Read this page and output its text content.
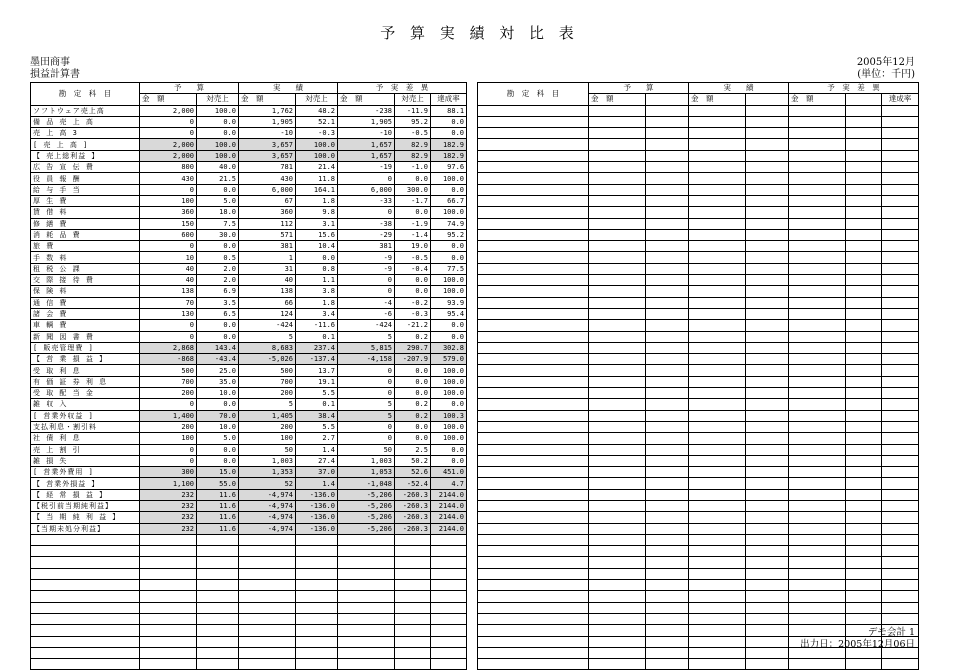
予 算 実 績 対 比 表
墨田商事
損益計算書
2005年12月
(単位：千円)
勘　定　科　目	予　　算		実　　績		予　実　差　異		
	金　額	対売上	金　額	対売上	金　額	対売上	達成率
ソフトウェア売上高	2,000	100.0	1,762	48.2	-238	-11.9	88.1
備 品 売 上 高	0	0.0	1,905	52.1	1,905	95.2	0.0
売 上 高 3	0	0.0	-10	-0.3	-10	-0.5	0.0
[ 売 上 高 ]	2,000	100.0	3,657	100.0	1,657	82.9	182.9
【 売上総利益 】	2,000	100.0	3,657	100.0	1,657	82.9	182.9
広 告 宣 伝 費	800	40.0	781	21.4	-19	-1.0	97.6
役 員 報 酬	430	21.5	430	11.8	0	0.0	100.0
給 与 手 当	0	0.0	6,000	164.1	6,000	300.0	0.0
厚 生 費	100	5.0	67	1.8	-33	-1.7	66.7
賃 借 料	360	18.0	360	9.8	0	0.0	100.0
修 繕 費	150	7.5	112	3.1	-38	-1.9	74.9
消 耗 品 費	600	30.0	571	15.6	-29	-1.4	95.2
旅 費	0	0.0	381	10.4	381	19.0	0.0
手 数 料	10	0.5	1	0.0	-9	-0.5	0.0
租 税 公 課	40	2.0	31	0.8	-9	-0.4	77.5
交 際 接 待 費	40	2.0	40	1.1	0	0.0	100.0
保 険 料	138	6.9	138	3.8	0	0.0	100.0
通 信 費	70	3.5	66	1.8	-4	-0.2	93.9
諸 会 費	130	6.5	124	3.4	-6	-0.3	95.4
車 輌 費	0	0.0	-424	-11.6	-424	-21.2	0.0
新 聞 図 書 費	0	0.0	5	0.1	5	0.2	0.0
[ 販売管理費 ]	2,868	143.4	8,683	237.4	5,815	290.7	302.8
【 営 業 損 益 】	-868	-43.4	-5,026	-137.4	-4,158	-207.9	579.0
受 取 利 息	500	25.0	500	13.7	0	0.0	100.0
有 価 証 券 利 息	700	35.0	700	19.1	0	0.0	100.0
受 取 配 当 金	200	10.0	200	5.5	0	0.0	100.0
雑 収 入	0	0.0	5	0.1	5	0.2	0.0
[ 営業外収益 ]	1,400	70.0	1,405	38.4	5	0.2	100.3
支払利息・割引料	200	10.0	200	5.5	0	0.0	100.0
社 債 利 息	100	5.0	100	2.7	0	0.0	100.0
売 上 割 引	0	0.0	50	1.4	50	2.5	0.0
雑 損 失	0	0.0	1,003	27.4	1,003	50.2	0.0
[ 営業外費用 ]	300	15.0	1,353	37.0	1,053	52.6	451.0
【 営業外損益 】	1,100	55.0	52	1.4	-1,048	-52.4	4.7
【 経 常 損 益 】	232	11.6	-4,974	-136.0	-5,206	-260.3	2144.0
【税引前当期純利益】	232	11.6	-4,974	-136.0	-5,206	-260.3	2144.0
【 当 期 純 利 益 】	232	11.6	-4,974	-136.0	-5,206	-260.3	2144.0
【当期未処分利益】	232	11.6	-4,974	-136.0	-5,206	-260.3	2144.0

勘　定　科　目	予　　算		実　　績		予　実　差　異		
	金　額		金　額		金　額		達成率

デモ会計 1
出力日：2005年12月06日
